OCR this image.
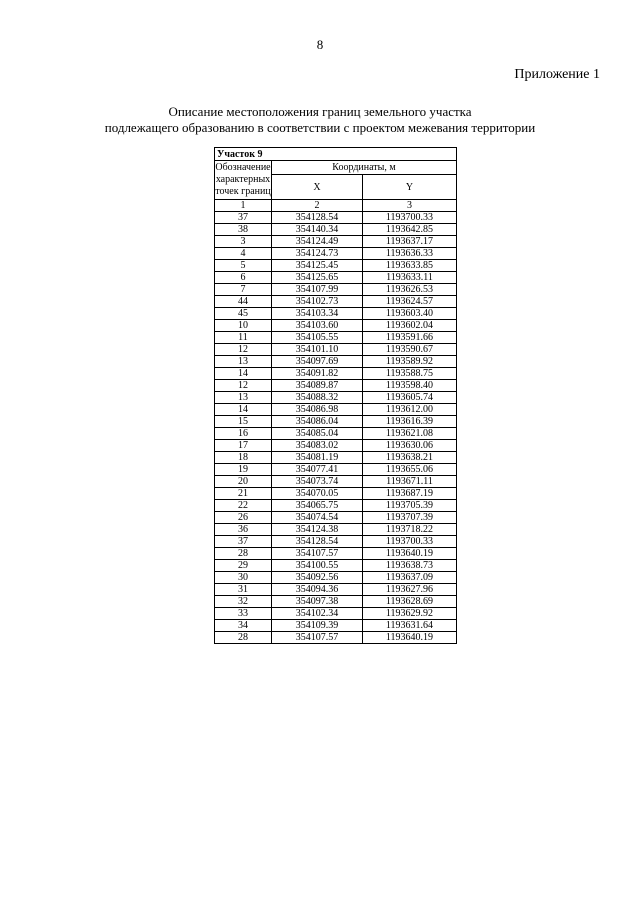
8
Приложение 1
Описание местоположения границ земельного участка
подлежащего образованию в соответствии с проектом межевания территории
Участок 9		
Обозначение характерных точек границ	Координаты, м	
	X	Y
1	2	3
37	354128.54	1193700.33
38	354140.34	1193642.85
3	354124.49	1193637.17
4	354124.73	1193636.33
5	354125.45	1193633.85
6	354125.65	1193633.11
7	354107.99	1193626.53
44	354102.73	1193624.57
45	354103.34	1193603.40
10	354103.60	1193602.04
11	354105.55	1193591.66
12	354101.10	1193590.67
13	354097.69	1193589.92
14	354091.82	1193588.75
12	354089.87	1193598.40
13	354088.32	1193605.74
14	354086.98	1193612.00
15	354086.04	1193616.39
16	354085.04	1193621.08
17	354083.02	1193630.06
18	354081.19	1193638.21
19	354077.41	1193655.06
20	354073.74	1193671.11
21	354070.05	1193687.19
22	354065.75	1193705.39
26	354074.54	1193707.39
36	354124.38	1193718.22
37	354128.54	1193700.33
28	354107.57	1193640.19
29	354100.55	1193638.73
30	354092.56	1193637.09
31	354094.36	1193627.96
32	354097.38	1193628.69
33	354102.34	1193629.92
34	354109.39	1193631.64
28	354107.57	1193640.19
